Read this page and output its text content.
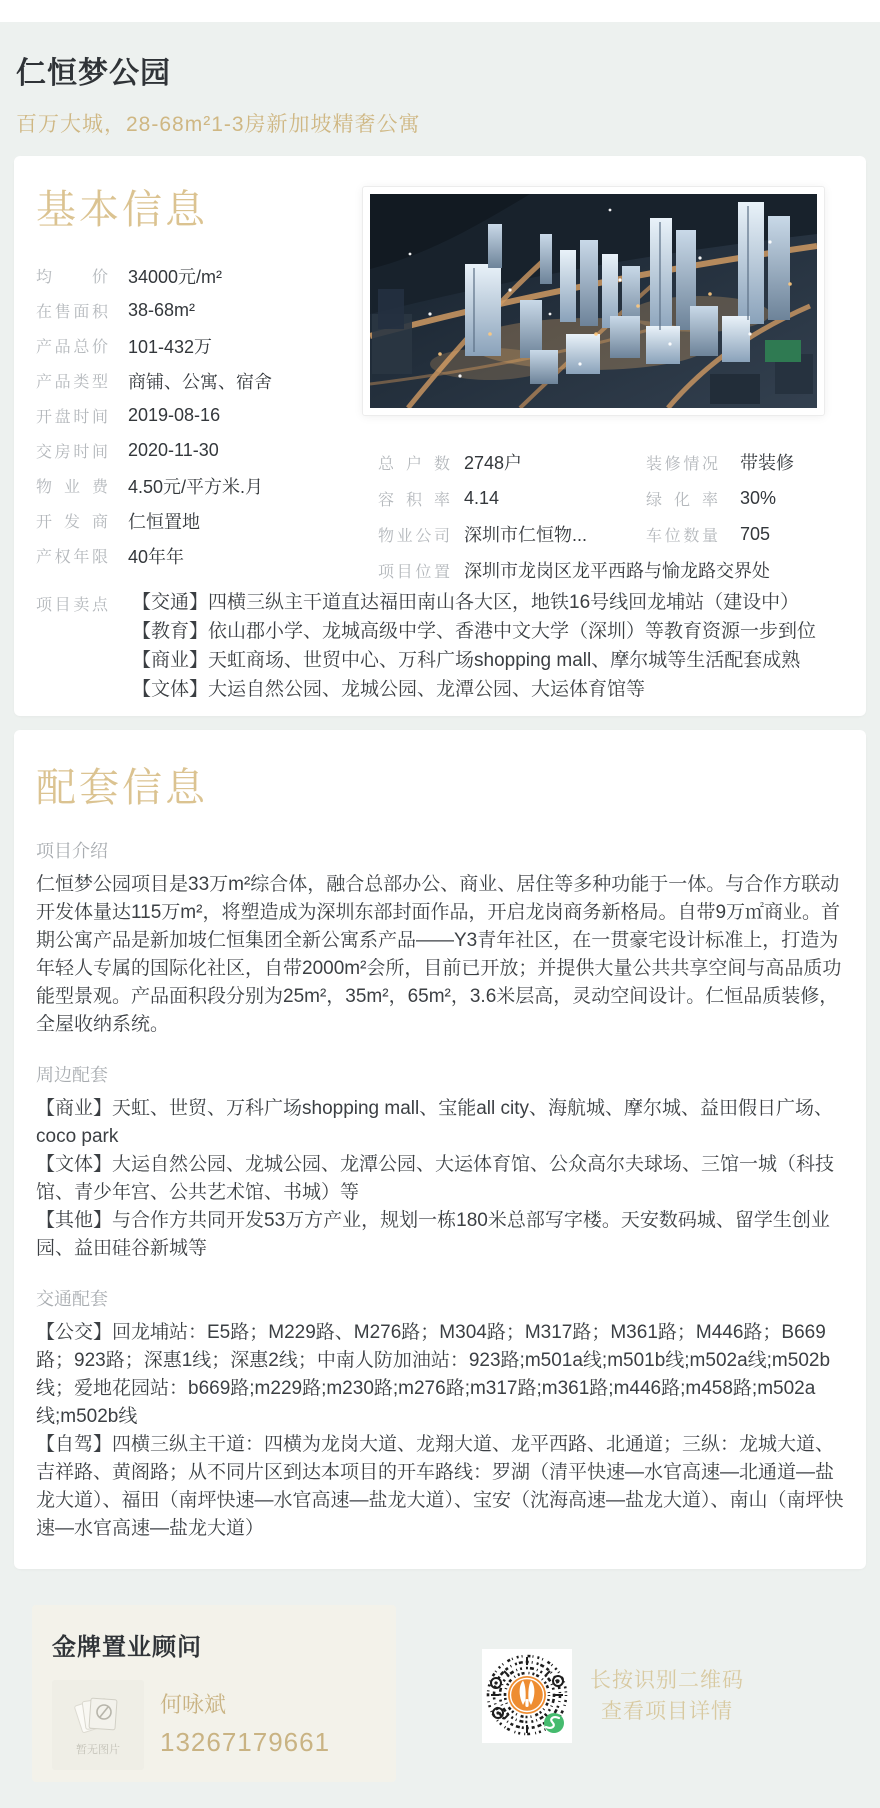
仁恒梦公园
百万大城，28-68m²1-3房新加坡精奢公寓
基本信息
均价 34000元/m²
在售面积 38-68m²
产品总价 101-432万
产品类型 商铺、公寓、宿舍
开盘时间 2019-08-16
交房时间 2020-11-30
物业费 4.50元/平方米.月
开发商 仁恒置地
产权年限 40年年
总户数 2748户	装修情况 带装修
容积率 4.14	绿化率 30%
物业公司 深圳市仁恒物...	车位数量 705
项目位置 深圳市龙岗区龙平西路与愉龙路交界处
项目卖点 【交通】四横三纵主干道直达福田南山各大区，地铁16号线回龙埔站（建设中）
【教育】依山郡小学、龙城高级中学、香港中文大学（深圳）等教育资源一步到位
【商业】天虹商场、世贸中心、万科广场shopping mall、摩尔城等生活配套成熟
【文体】大运自然公园、龙城公园、龙潭公园、大运体育馆等
配套信息
项目介绍

仁恒梦公园项目是33万m²综合体，融合总部办公、商业、居住等多种功能于一体。与合作方联动开发体量达115万m²，将塑造成为深圳东部封面作品，开启龙岗商务新格局。自带9万㎡商业。首期公寓产品是新加坡仁恒集团全新公寓系产品——Y3青年社区，在一贯豪宅设计标准上，打造为年轻人专属的国际化社区，自带2000m²会所，目前已开放；并提供大量公共共享空间与高品质功能型景观。产品面积段分别为25m²，35m²，65m²，3.6米层高，灵动空间设计。仁恒品质装修，全屋收纳系统。

周边配套

【商业】天虹、世贸、万科广场shopping mall、宝能all city、海航城、摩尔城、益田假日广场、 coco park

【文体】大运自然公园、龙城公园、龙潭公园、大运体育馆、公众高尔夫球场、三馆一城（科技馆、青少年宫、公共艺术馆、书城）等

【其他】与合作方共同开发53万方产业，规划一栋180米总部写字楼。天安数码城、留学生创业园、益田硅谷新城等

交通配套

【公交】回龙埔站：E5路；M229路、M276路；M304路；M317路；M361路；M446路；B669路；923路；深惠1线；深惠2线；中南人防加油站：923路;m501a线;m501b线;m502a线;m502b线；爱地花园站：b669路;m229路;m230路;m276路;m317路;m361路;m446路;m458路;m502a线;m502b线

【自驾】四横三纵主干道：四横为龙岗大道、龙翔大道、龙平西路、北通道；三纵：龙城大道、吉祥路、黄阁路；从不同片区到达本项目的开车路线：罗湖（清平快速—水官高速—北通道—盐龙大道）、福田（南坪快速—水官高速—盐龙大道）、宝安（沈海高速—盐龙大道）、南山（南坪快速—水官高速—盐龙大道）

金牌置业顾问
暂无图片
何咏斌
13267179661
长按识别二维码
查看项目详情
